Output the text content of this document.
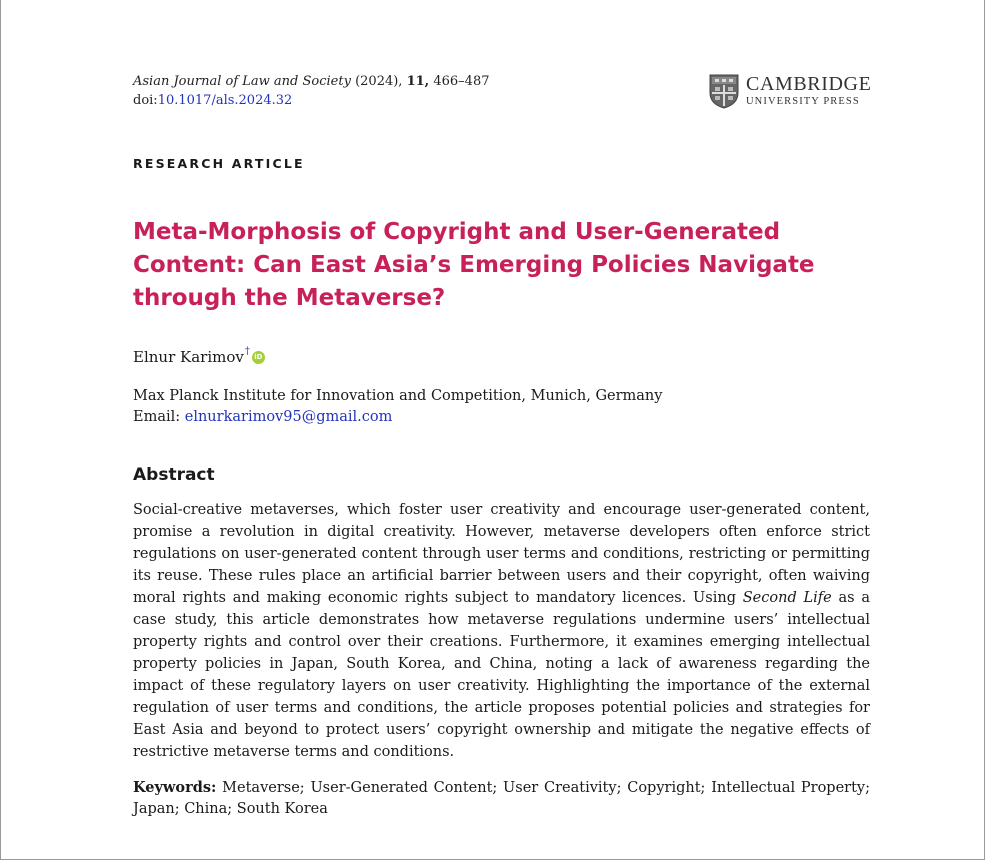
Asian Journal of Law and Society (2024), 11, 466–487
doi:10.1017/als.2024.32
CAMBRIDGE
UNIVERSITY PRESS
RESEARCH ARTICLE
Meta-Morphosis of Copyright and User-Generated Content: Can East Asia’s Emerging Policies Navigate through the Metaverse?
Elnur Karimov † iD
Max Planck Institute for Innovation and Competition, Munich, Germany
Email: elnurkarimov95@gmail.com
Abstract

Social-creative metaverses, which foster user creativity and encourage user-generated content, promise a revolution in digital creativity. However, metaverse developers often enforce strict regulations on user-generated content through user terms and conditions, restricting or permitting its reuse. These rules place an artificial barrier between users and their copyright, often waiving moral rights and making economic rights subject to mandatory licences. Using Second Life as a case study, this article demonstrates how metaverse regulations undermine users’ intellectual property rights and control over their creations. Furthermore, it examines emerging intellectual property policies in Japan, South Korea, and China, noting a lack of awareness regarding the impact of these regulatory layers on user creativity. Highlighting the importance of the external regulation of user terms and conditions, the article proposes potential policies and strategies for East Asia and beyond to protect users’ copyright ownership and mitigate the negative effects of restrictive metaverse terms and conditions.

Keywords: Metaverse; User-Generated Content; User Creativity; Copyright; Intellectual Property; Japan; China; South Korea
